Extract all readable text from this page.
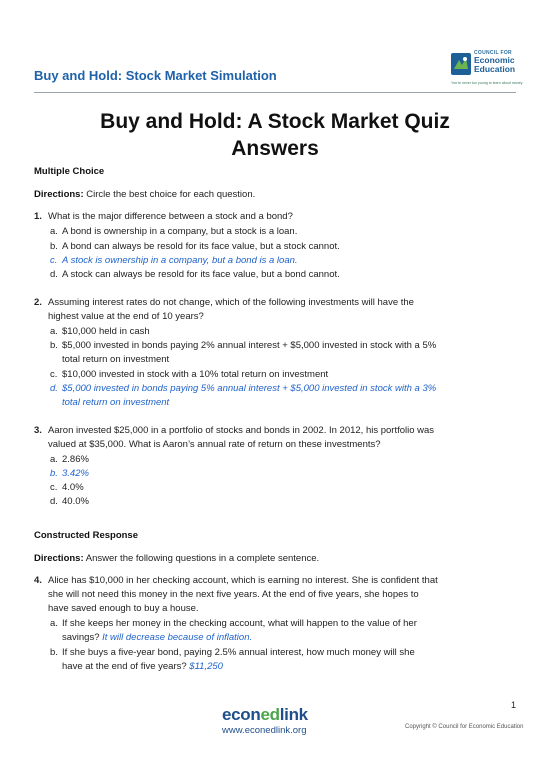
Buy and Hold: Stock Market Simulation
COUNCIL FOR
Economic
Education
You're never too young to learn about money.
Buy and Hold: A Stock Market Quiz
Answers
Multiple Choice
Directions: Circle the best choice for each question.
1. What is the major difference between a stock and a bond?
a. A bond is ownership in a company, but a stock is a loan.
b. A bond can always be resold for its face value, but a stock cannot.
c. A stock is ownership in a company, but a bond is a loan.
d. A stock can always be resold for its face value, but a bond cannot.
2. Assuming interest rates do not change, which of the following investments will have the
highest value at the end of 10 years?
a. $10,000 held in cash
b. $5,000 invested in bonds paying 2% annual interest + $5,000 invested in stock with a 5%
total return on investment
c. $10,000 invested in stock with a 10% total return on investment
d. $5,000 invested in bonds paying 5% annual interest + $5,000 invested in stock with a 3%
total return on investment
3. Aaron invested $25,000 in a portfolio of stocks and bonds in 2002. In 2012, his portfolio was
valued at $35,000. What is Aaron’s annual rate of return on these investments?
a. 2.86%
b. 3.42%
c. 4.0%
d. 40.0%
Constructed Response
Directions: Answer the following questions in a complete sentence.
4. Alice has $10,000 in her checking account, which is earning no interest. She is confident that
she will not need this money in the next five years. At the end of five years, she hopes to
have saved enough to buy a house.
a. If she keeps her money in the checking account, what will happen to the value of her
savings? It will decrease because of inflation.
b. If she buys a five-year bond, paying 2.5% annual interest, how much money will she
have at the end of five years? $11,250
1
econedlink
www.econedlink.org	Copyright © Council for Economic Education
